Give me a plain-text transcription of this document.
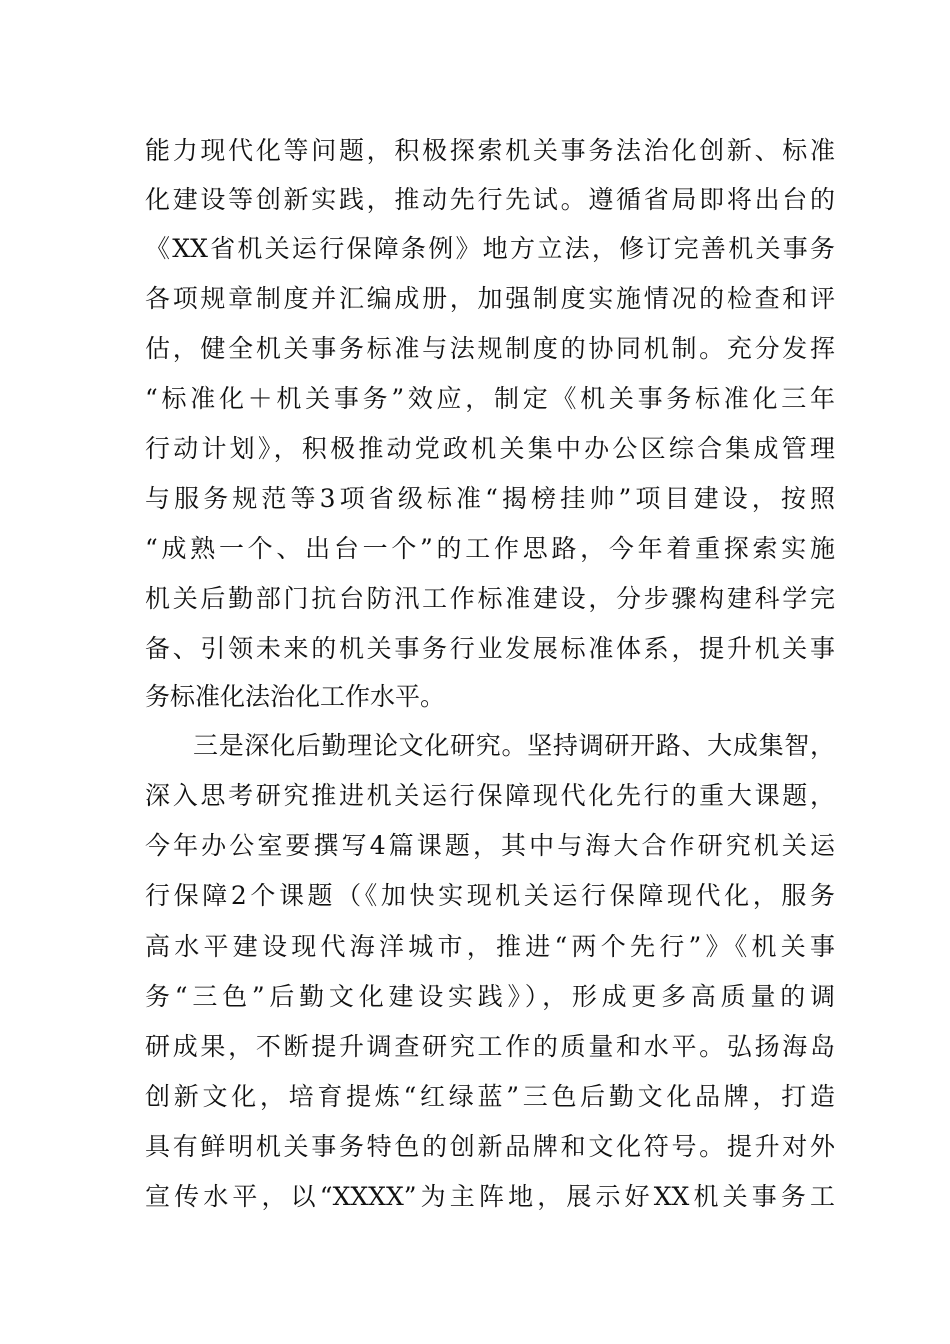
能力现代化等问题，积极探索机关事务法治化创新、标准
化建设等创新实践，推动先行先试。遵循省局即将出台的
《XX省机关运行保障条例》地方立法，修订完善机关事务
各项规章制度并汇编成册，加强制度实施情况的检查和评
估，健全机关事务标准与法规制度的协同机制。充分发挥
“标准化＋机关事务”效应，制定《机关事务标准化三年
行动计划》，积极推动党政机关集中办公区综合集成管理
与服务规范等3项省级标准“揭榜挂帅”项目建设，按照
“成熟一个、出台一个”的工作思路，今年着重探索实施
机关后勤部门抗台防汛工作标准建设，分步骤构建科学完
备、引领未来的机关事务行业发展标准体系，提升机关事
务标准化法治化工作水平。
三是深化后勤理论文化研究。坚持调研开路、大成集智，
深入思考研究推进机关运行保障现代化先行的重大课题，
今年办公室要撰写4篇课题，其中与海大合作研究机关运
行保障2个课题（《加快实现机关运行保障现代化，服务
高水平建设现代海洋城市，推进“两个先行”》《机关事
务“三色”后勤文化建设实践》），形成更多高质量的调
研成果，不断提升调查研究工作的质量和水平。弘扬海岛
创新文化，培育提炼“红绿蓝”三色后勤文化品牌，打造
具有鲜明机关事务特色的创新品牌和文化符号。提升对外
宣传水平，以“XXXX”为主阵地，展示好XX机关事务工
